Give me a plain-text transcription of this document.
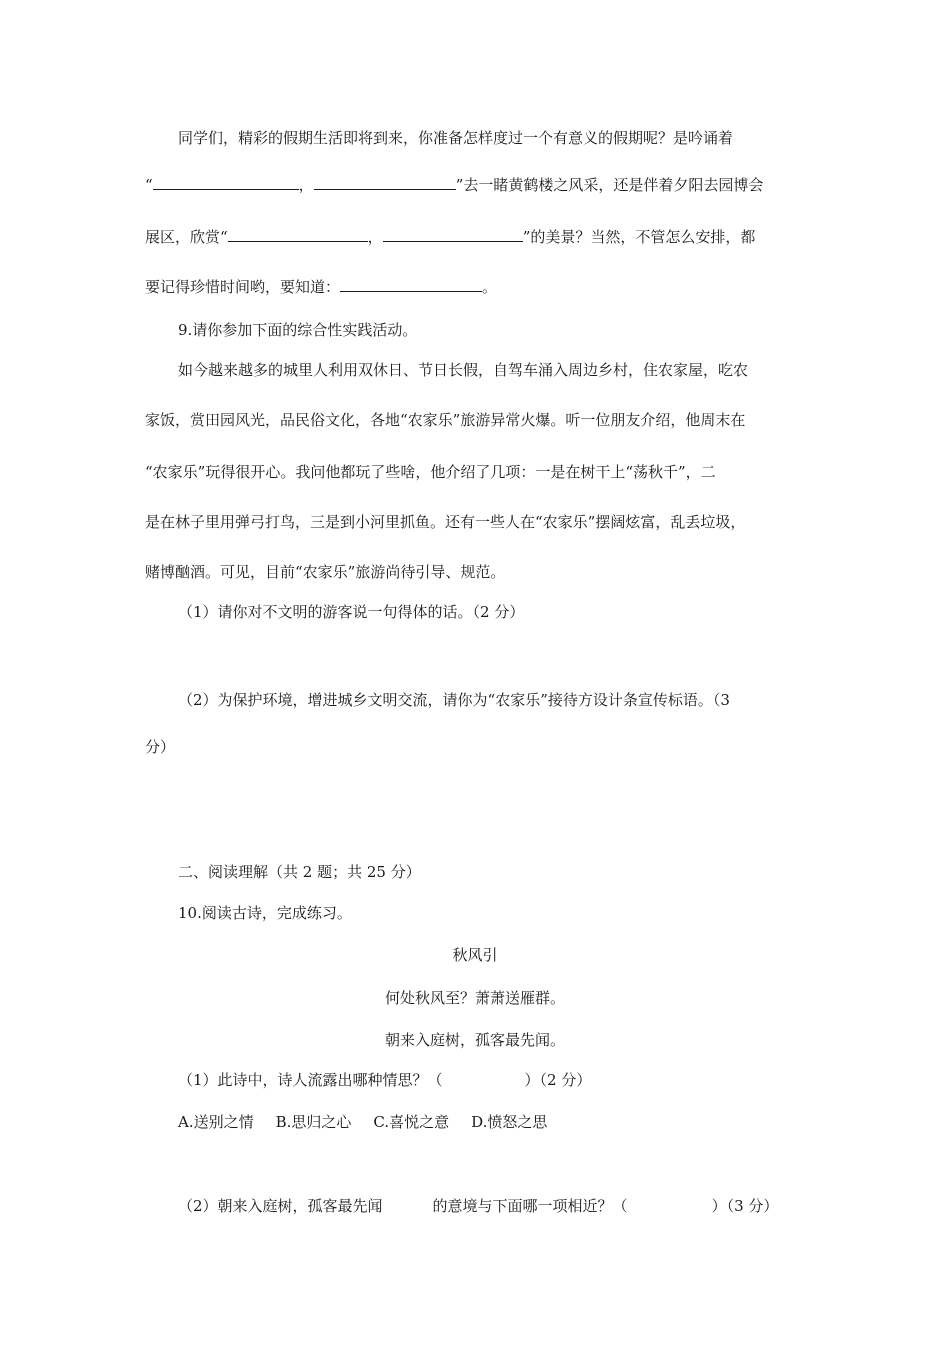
同学们，精彩的假期生活即将到来，你准备怎样度过一个有意义的假期呢？是吟诵着
“	，	”去一睹黄鹤楼之风采，还是伴着夕阳去园博会
展区，欣赏“	，	”的美景？当然，不管怎么安排，都
要记得珍惜时间哟，要知道：	。
9.请你参加下面的综合性实践活动。
如今越来越多的城里人利用双休日、节日长假，自驾车涌入周边乡村，住农家屋，吃农
家饭，赏田园风光，品民俗文化，各地“农家乐”旅游异常火爆。听一位朋友介绍，他周末在
“农家乐”玩得很开心。我问他都玩了些啥，他介绍了几项：一是在树干上“荡秋千”，二
是在林子里用弹弓打鸟，三是到小河里抓鱼。还有一些人在“农家乐”摆阔炫富，乱丢垃圾，
赌博酗酒。可见，目前“农家乐”旅游尚待引导、规范。
（1）请你对不文明的游客说一句得体的话。（2 分）
（2）为保护环境，增进城乡文明交流，请你为“农家乐”接待方设计条宣传标语。（3
分）
二、阅读理解（共 2 题；共 25 分）
10.阅读古诗，完成练习。
秋风引
何处秋风至？萧萧送雁群。
朝来入庭树，孤客最先闻。
（1）此诗中，诗人流露出哪种情思？（	）（2 分）
A.送别之情 B.思归之心 C.喜悦之意 D.愤怒之思
（2）朝来入庭树，孤客最先闻	的意境与下面哪一项相近？（	）（3 分）
